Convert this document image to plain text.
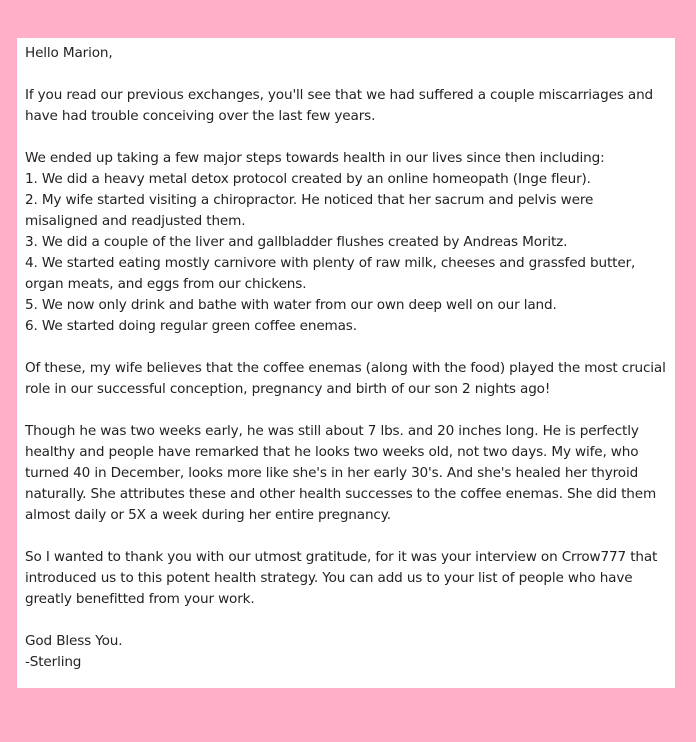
Hello Marion,

If you read our previous exchanges, you'll see that we had suffered a couple miscarriages and have had trouble conceiving over the last few years.

We ended up taking a few major steps towards health in our lives since then including:
1. We did a heavy metal detox protocol created by an online homeopath (Inge fleur).
2. My wife started visiting a chiropractor. He noticed that her sacrum and pelvis were misaligned and readjusted them.
3. We did a couple of the liver and gallbladder flushes created by Andreas Moritz.
4. We started eating mostly carnivore with plenty of raw milk, cheeses and grassfed butter, organ meats, and eggs from our chickens.
5. We now only drink and bathe with water from our own deep well on our land.
6. We started doing regular green coffee enemas.

Of these, my wife believes that the coffee enemas (along with the food) played the most crucial role in our successful conception, pregnancy and birth of our son 2 nights ago!

Though he was two weeks early, he was still about 7 lbs. and 20 inches long. He is perfectly healthy and people have remarked that he looks two weeks old, not two days. My wife, who turned 40 in December, looks more like she's in her early 30's. And she's healed her thyroid naturally. She attributes these and other health successes to the coffee enemas. She did them almost daily or 5X a week during her entire pregnancy.

So I wanted to thank you with our utmost gratitude, for it was your interview on Crrow777 that introduced us to this potent health strategy. You can add us to your list of people who have greatly benefitted from your work.

God Bless You.
-Sterling
